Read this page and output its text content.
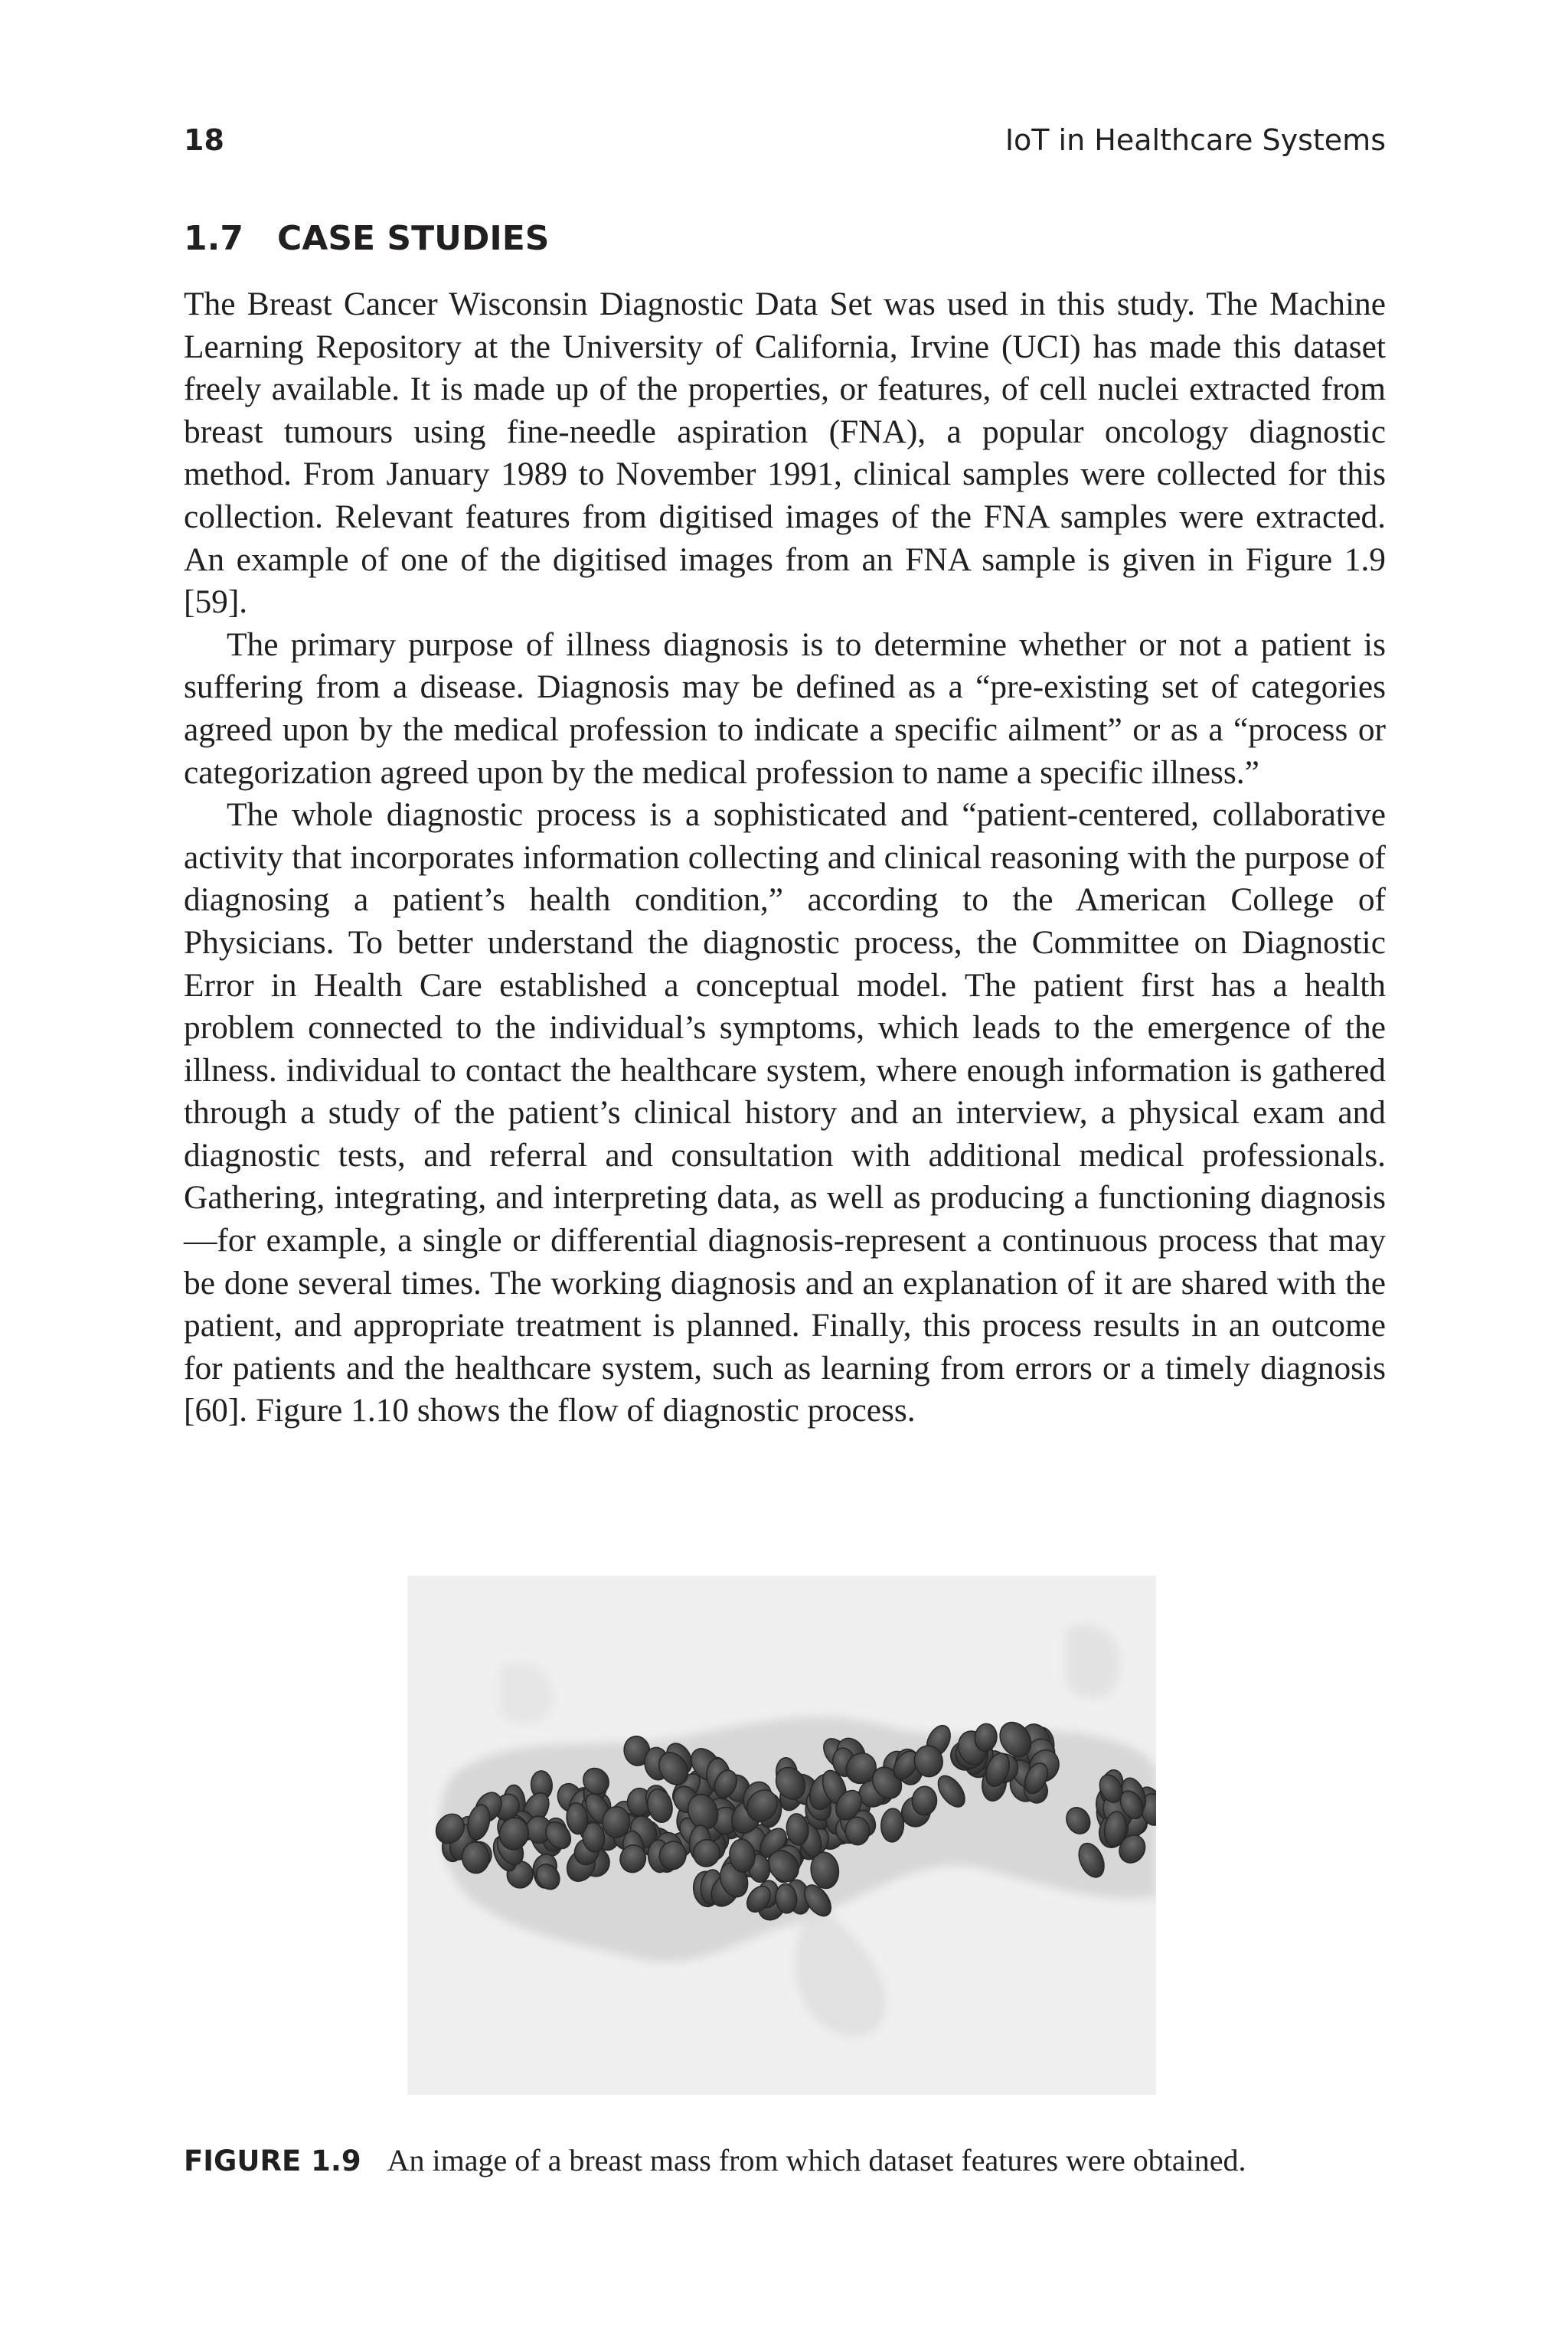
18	IoT in Healthcare Systems
1.7 CASE STUDIES

The Breast Cancer Wisconsin Diagnostic Data Set was used in this study. The Machine Learning Repository at the University of California, Irvine (UCI) has made this dataset freely available. It is made up of the properties, or features, of cell nuclei extracted from breast tumours using fine-needle aspiration (FNA), a popular oncology diagnostic method. From January 1989 to November 1991, clinical samples were collected for this collection. Relevant features from digitised images of the FNA samples were extracted. An example of one of the digitised images from an FNA sample is given in Figure 1.9 [59].

The primary purpose of illness diagnosis is to determine whether or not a patient is suffering from a disease. Diagnosis may be defined as a “pre-existing set of categories agreed upon by the medical profession to indicate a specific ailment” or as a “process or categorization agreed upon by the medical profession to name a specific illness.”

The whole diagnostic process is a sophisticated and “patient-centered, collaborative activity that incorporates information collecting and clinical reasoning with the purpose of diagnosing a patient’s health condition,” according to the American College of Physicians. To better understand the diagnostic process, the Committee on Diagnostic Error in Health Care established a conceptual model. The patient first has a health problem connected to the individual’s symptoms, which leads to the emergence of the illness. individual to contact the healthcare system, where enough information is gathered through a study of the patient’s clinical history and an interview, a physical exam and diagnostic tests, and referral and consultation with additional medical professionals. Gathering, integrating, and interpreting data, as well as producing a functioning diagnosis—for example, a single or differential diagnosis-represent a continuous process that may be done several times. The working diagnosis and an explanation of it are shared with the patient, and appropriate treatment is planned. Finally, this process results in an outcome for patients and the healthcare system, such as learning from errors or a timely diagnosis [60]. Figure 1.10 shows the flow of diagnostic process.

FIGURE 1.9 An image of a breast mass from which dataset features were obtained.
